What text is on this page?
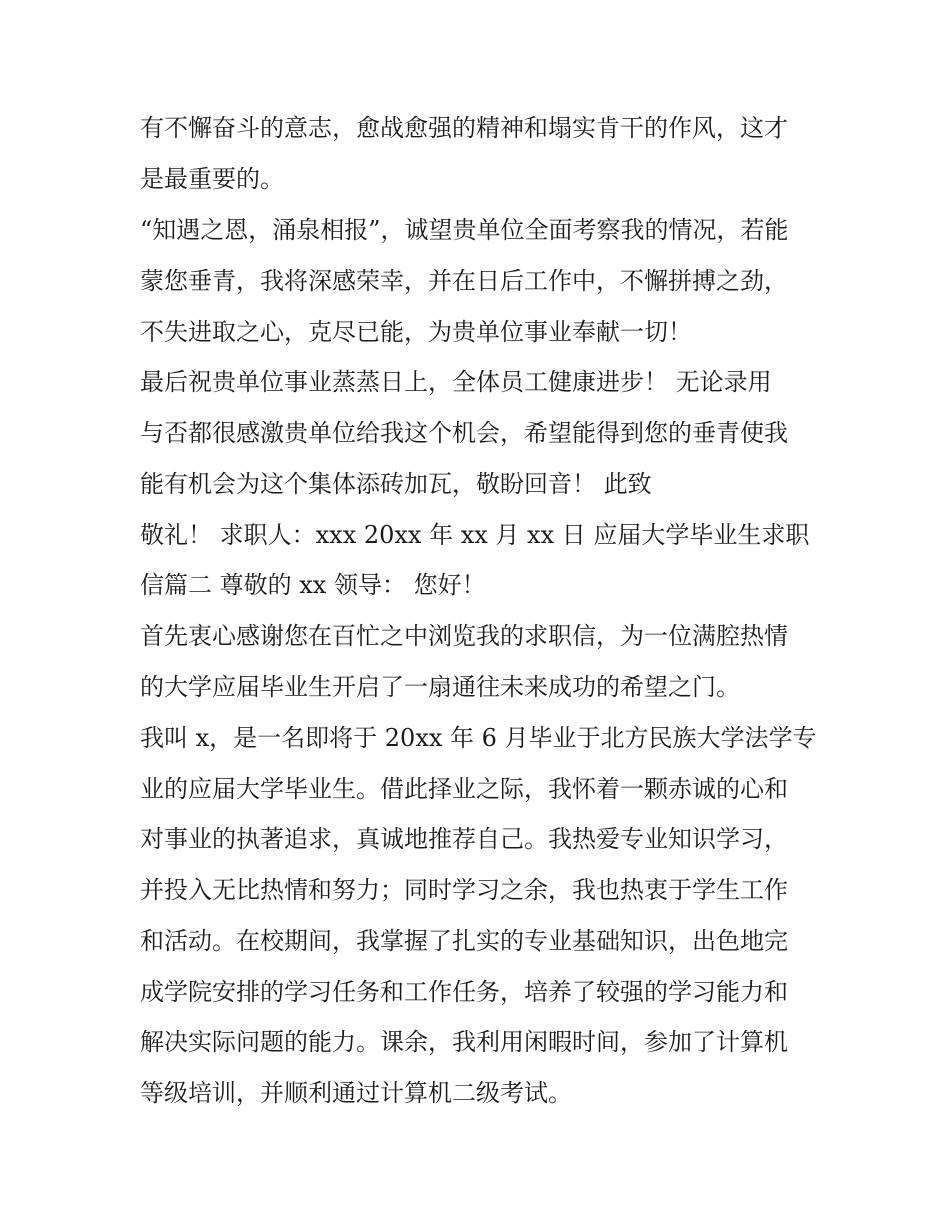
有不懈奋斗的意志，愈战愈强的精神和塌实肯干的作风，这才
是最重要的。
“知遇之恩，涌泉相报”，诚望贵单位全面考察我的情况，若能
蒙您垂青，我将深感荣幸，并在日后工作中，不懈拼搏之劲，
不失进取之心，克尽已能，为贵单位事业奉献一切！
最后祝贵单位事业蒸蒸日上，全体员工健康进步！ 无论录用
与否都很感激贵单位给我这个机会，希望能得到您的垂青使我
能有机会为这个集体添砖加瓦，敬盼回音！ 此致
敬礼！ 求职人：xxx 20xx 年 xx 月 xx 日 应届大学毕业生求职
信篇二 尊敬的 xx 领导： 您好！
首先衷心感谢您在百忙之中浏览我的求职信，为一位满腔热情
的大学应届毕业生开启了一扇通往未来成功的希望之门。
我叫 x，是一名即将于 20xx 年 6 月毕业于北方民族大学法学专
业的应届大学毕业生。借此择业之际，我怀着一颗赤诚的心和
对事业的执著追求，真诚地推荐自己。我热爱专业知识学习，
并投入无比热情和努力；同时学习之余，我也热衷于学生工作
和活动。在校期间，我掌握了扎实的专业基础知识，出色地完
成学院安排的学习任务和工作任务，培养了较强的学习能力和
解决实际问题的能力。课余，我利用闲暇时间，参加了计算机
等级培训，并顺利通过计算机二级考试。
